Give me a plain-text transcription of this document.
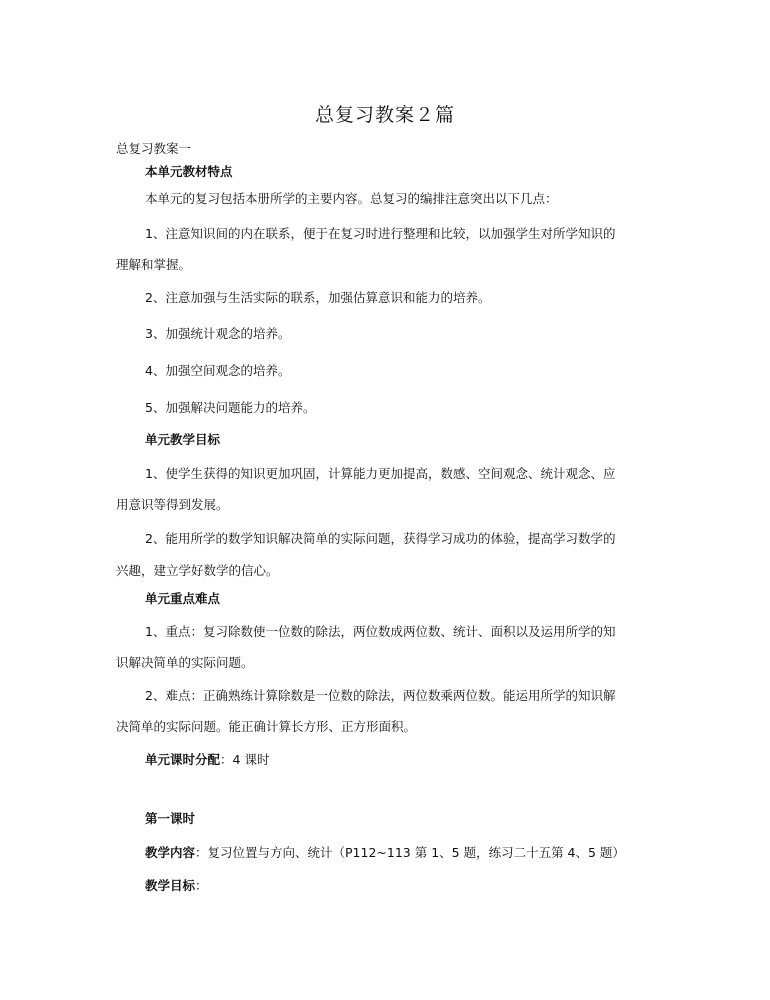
总复习教案２篇
总复习教案一
本单元教材特点
本单元的复习包括本册所学的主要内容。总复习的编排注意突出以下几点：
1、注意知识间的内在联系，便于在复习时进行整理和比较，以加强学生对所学知识的
理解和掌握。
2、注意加强与生活实际的联系，加强估算意识和能力的培养。
3、加强统计观念的培养。
4、加强空间观念的培养。
5、加强解决问题能力的培养。
单元教学目标
1、使学生获得的知识更加巩固，计算能力更加提高，数感、空间观念、统计观念、应
用意识等得到发展。
2、能用所学的数学知识解决简单的实际问题，获得学习成功的体验，提高学习数学的
兴趣，建立学好数学的信心。
单元重点难点
1、重点：复习除数使一位数的除法，两位数成两位数、统计、面积以及运用所学的知
识解决简单的实际问题。
2、难点：正确熟练计算除数是一位数的除法，两位数乘两位数。能运用所学的知识解
决简单的实际问题。能正确计算长方形、正方形面积。
单元课时分配：4 课时
第一课时
教学内容：复习位置与方向、统计（P112~113 第 1、5 题，练习二十五第 4、5 题）
教学目标：
